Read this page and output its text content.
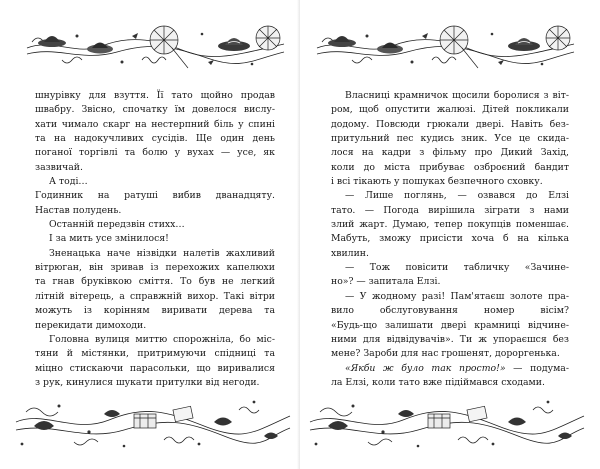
шнурівку для взуття. Її тато щойно продав
швабру. Звісно, спочатку їм довелося вислу-
хати чимало скарг на нестерпний біль у спині
та на надокучливих сусідів. Ще один день
поганої торгівлі та болю у вухах — усе, як
зазвичай.
А тоді…
Годинник на ратуші вибив дванадцяту.
Настав полудень.
Останній передзвін стихх…
І за мить усе змінилося!
Зненацька наче нізвідки налетів жахливий
вітрюган, він зривав із перехожих капелюхи
та гнав бруківкою сміття. То був не легкий
літній вітерець, а справжній вихор. Такі вітри
можуть із корінням виривати дерева та
перекидати димоходи.
Головна вулиця миттю спорожніла, бо міс-
тяни й містянки, притримуючи спідниці та
міцно стискаючи парасольки, що виривалися
з рук, кинулися шукати притулки від негоди.

Власниці крамничок щосили боролися з віт-
ром, щоб опустити жалюзі. Дітей покликали
додому. Повсюди грюкали двері. Навіть без-
притульний пес кудись зник. Усе це скида-
лося на кадри з фільму про Дикий Захід,
коли до міста прибуває озброєний бандит
і всі тікають у пошуках безпечного сховку.
— Лише поглянь, — озвався до Елзі
тато. — Погода вирішила зіграти з нами
злий жарт. Думаю, тепер покупців поменшає.
Мабуть, зможу присісти хоча б на кілька
хвилин.
— Тож повісити табличку «Зачине-
но»? — запитала Елзі.
— У жодному разі! Пам'ятаєш золоте пра-
вило обслуговування номер вісім?
«Будь-що залишати двері крамниці відчине-
ними для відвідувачів». Ти ж упораєшся без
мене? Зароби для нас грошенят, дороргенька.
«Якби ж було так просто!» — подума-
ла Елзі, коли тато вже підіймався сходами.
